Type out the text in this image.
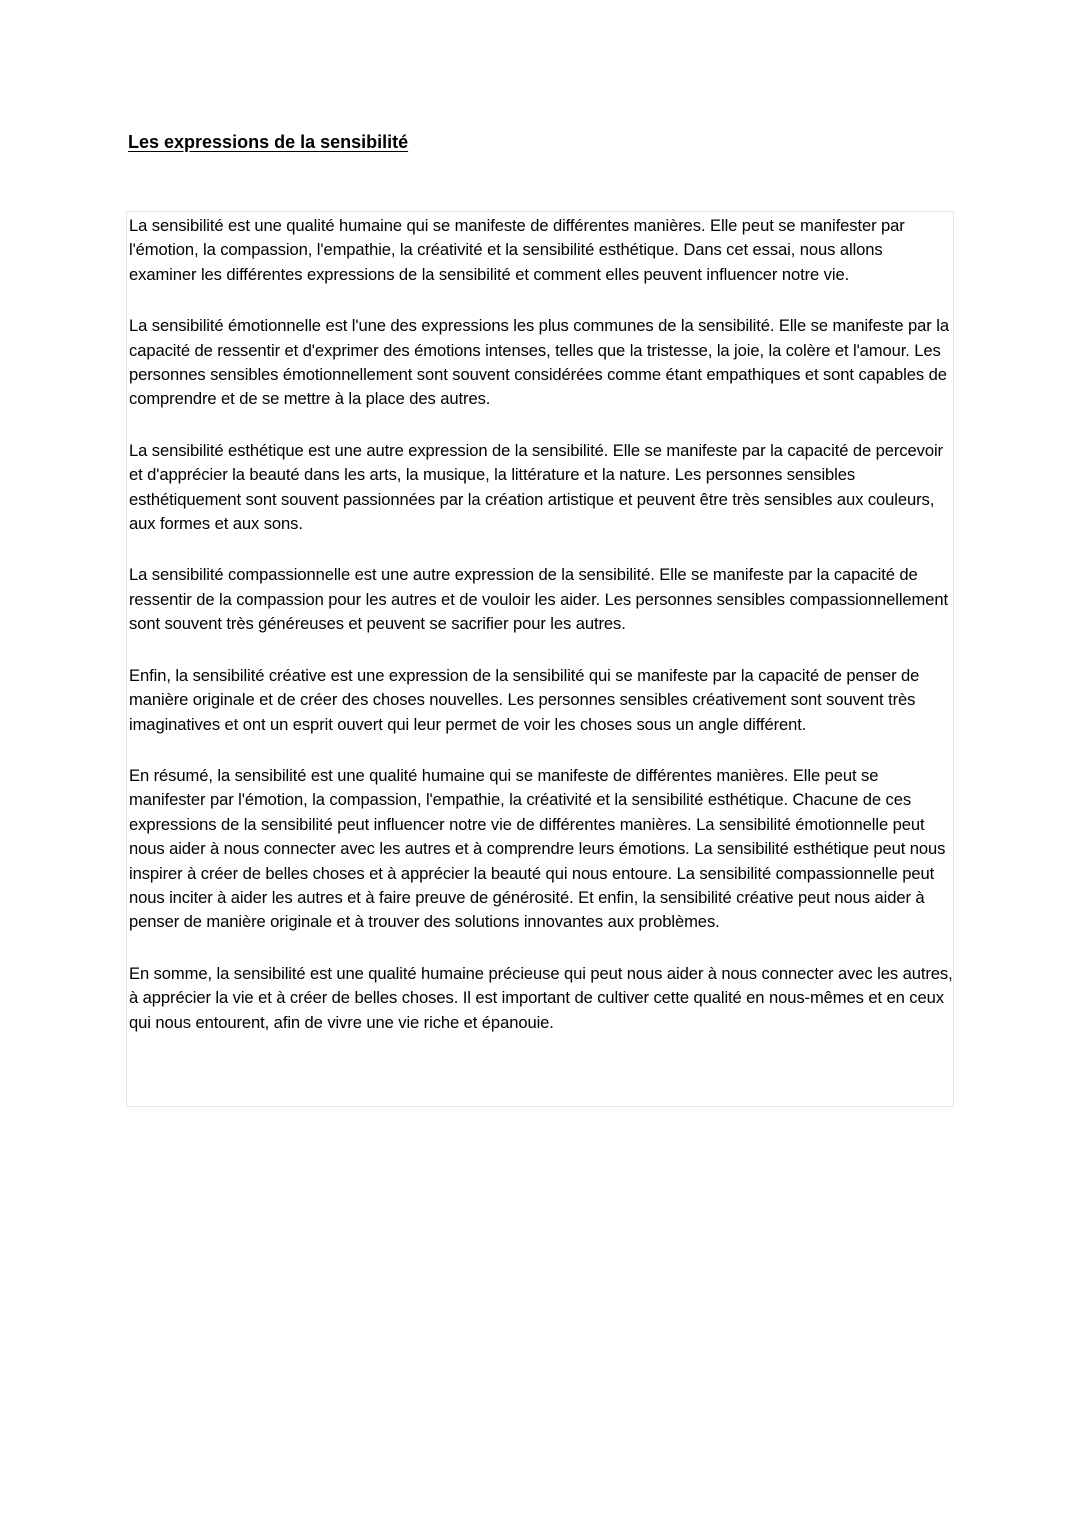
Les expressions de la sensibilité

La sensibilité est une qualité humaine qui se manifeste de différentes manières. Elle peut se manifester par l'émotion, la compassion, l'empathie, la créativité et la sensibilité esthétique. Dans cet essai, nous allons examiner les différentes expressions de la sensibilité et comment elles peuvent influencer notre vie.

La sensibilité émotionnelle est l'une des expressions les plus communes de la sensibilité. Elle se manifeste par la capacité de ressentir et d'exprimer des émotions intenses, telles que la tristesse, la joie, la colère et l'amour. Les personnes sensibles émotionnellement sont souvent considérées comme étant empathiques et sont capables de comprendre et de se mettre à la place des autres.

La sensibilité esthétique est une autre expression de la sensibilité. Elle se manifeste par la capacité de percevoir et d'apprécier la beauté dans les arts, la musique, la littérature et la nature. Les personnes sensibles esthétiquement sont souvent passionnées par la création artistique et peuvent être très sensibles aux couleurs, aux formes et aux sons.

La sensibilité compassionnelle est une autre expression de la sensibilité. Elle se manifeste par la capacité de ressentir de la compassion pour les autres et de vouloir les aider. Les personnes sensibles compassionnellement sont souvent très généreuses et peuvent se sacrifier pour les autres.

Enfin, la sensibilité créative est une expression de la sensibilité qui se manifeste par la capacité de penser de manière originale et de créer des choses nouvelles. Les personnes sensibles créativement sont souvent très imaginatives et ont un esprit ouvert qui leur permet de voir les choses sous un angle différent.

En résumé, la sensibilité est une qualité humaine qui se manifeste de différentes manières. Elle peut se manifester par l'émotion, la compassion, l'empathie, la créativité et la sensibilité esthétique. Chacune de ces expressions de la sensibilité peut influencer notre vie de différentes manières. La sensibilité émotionnelle peut nous aider à nous connecter avec les autres et à comprendre leurs émotions. La sensibilité esthétique peut nous inspirer à créer de belles choses et à apprécier la beauté qui nous entoure. La sensibilité compassionnelle peut nous inciter à aider les autres et à faire preuve de générosité. Et enfin, la sensibilité créative peut nous aider à penser de manière originale et à trouver des solutions innovantes aux problèmes.

En somme, la sensibilité est une qualité humaine précieuse qui peut nous aider à nous connecter avec les autres, à apprécier la vie et à créer de belles choses. Il est important de cultiver cette qualité en nous-mêmes et en ceux qui nous entourent, afin de vivre une vie riche et épanouie.
